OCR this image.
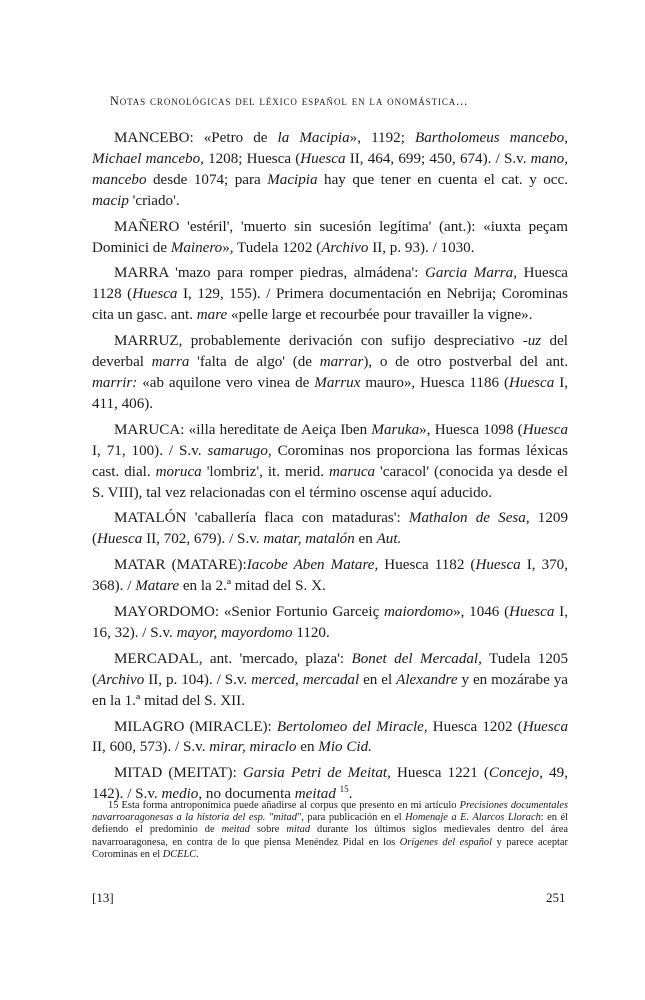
Notas cronológicas del léxico español en la onomástica...

MANCEBO: «Petro de la Macipia», 1192; Bartholomeus mancebo, Michael mancebo, 1208; Huesca (Huesca II, 464, 699; 450, 674). / S.v. mano, mancebo desde 1074; para Macipia hay que tener en cuenta el cat. y occ. macip 'criado'.

MAÑERO 'estéril', 'muerto sin sucesión legítima' (ant.): «iuxta peçam Dominici de Mainero», Tudela 1202 (Archivo II, p. 93). / 1030.

MARRA 'mazo para romper piedras, almádena': Garcia Marra, Huesca 1128 (Huesca I, 129, 155). / Primera documentación en Nebrija; Corominas cita un gasc. ant. mare «pelle large et recourbée pour travailler la vigne».

MARRUZ, probablemente derivación con sufijo despreciativo -uz del deverbal marra 'falta de algo' (de marrar), o de otro postverbal del ant. marrir: «ab aquilone vero vinea de Marrux mauro», Huesca 1186 (Huesca I, 411, 406).

MARUCA: «illa hereditate de Aeiça Iben Maruka», Huesca 1098 (Huesca I, 71, 100). / S.v. samarugo, Corominas nos proporciona las formas léxicas cast. dial. moruca 'lombriz', it. merid. maruca 'caracol' (conocida ya desde el S. VIII), tal vez relacionadas con el término oscense aquí aducido.

MATALÓN 'caballería flaca con mataduras': Mathalon de Sesa, 1209 (Huesca II, 702, 679). / S.v. matar, matalón en Aut.

MATAR (MATARE):Iacobe Aben Matare, Huesca 1182 (Huesca I, 370, 368). / Matare en la 2.ª mitad del S. X.

MAYORDOMO: «Senior Fortunio Garceiç maiordomo», 1046 (Huesca I, 16, 32). / S.v. mayor, mayordomo 1120.

MERCADAL, ant. 'mercado, plaza': Bonet del Mercadal, Tudela 1205 (Archivo II, p. 104). / S.v. merced, mercadal en el Alexandre y en mozárabe ya en la 1.ª mitad del S. XII.

MILAGRO (MIRACLE): Bertolomeo del Miracle, Huesca 1202 (Huesca II, 600, 573). / S.v. mirar, miraclo en Mio Cid.

MITAD (MEITAT): Garsia Petri de Meitat, Huesca 1221 (Concejo, 49, 142). / S.v. medio, no documenta meitad $^{15}$.

15 Esta forma antroponímica puede añadirse al corpus que presento en mi artículo Precisiones documentales navarroaragonesas a la historia del esp. "mitad", para publicación en el Homenaje a E. Alarcos Llorach: en él defiendo el predominio de meitad sobre mitad durante los últimos siglos medievales dentro del área navarroaragonesa, en contra de lo que piensa Menéndez Pidal en los Orígenes del español y parece aceptar Corominas en el DCELC.

[13]	251
